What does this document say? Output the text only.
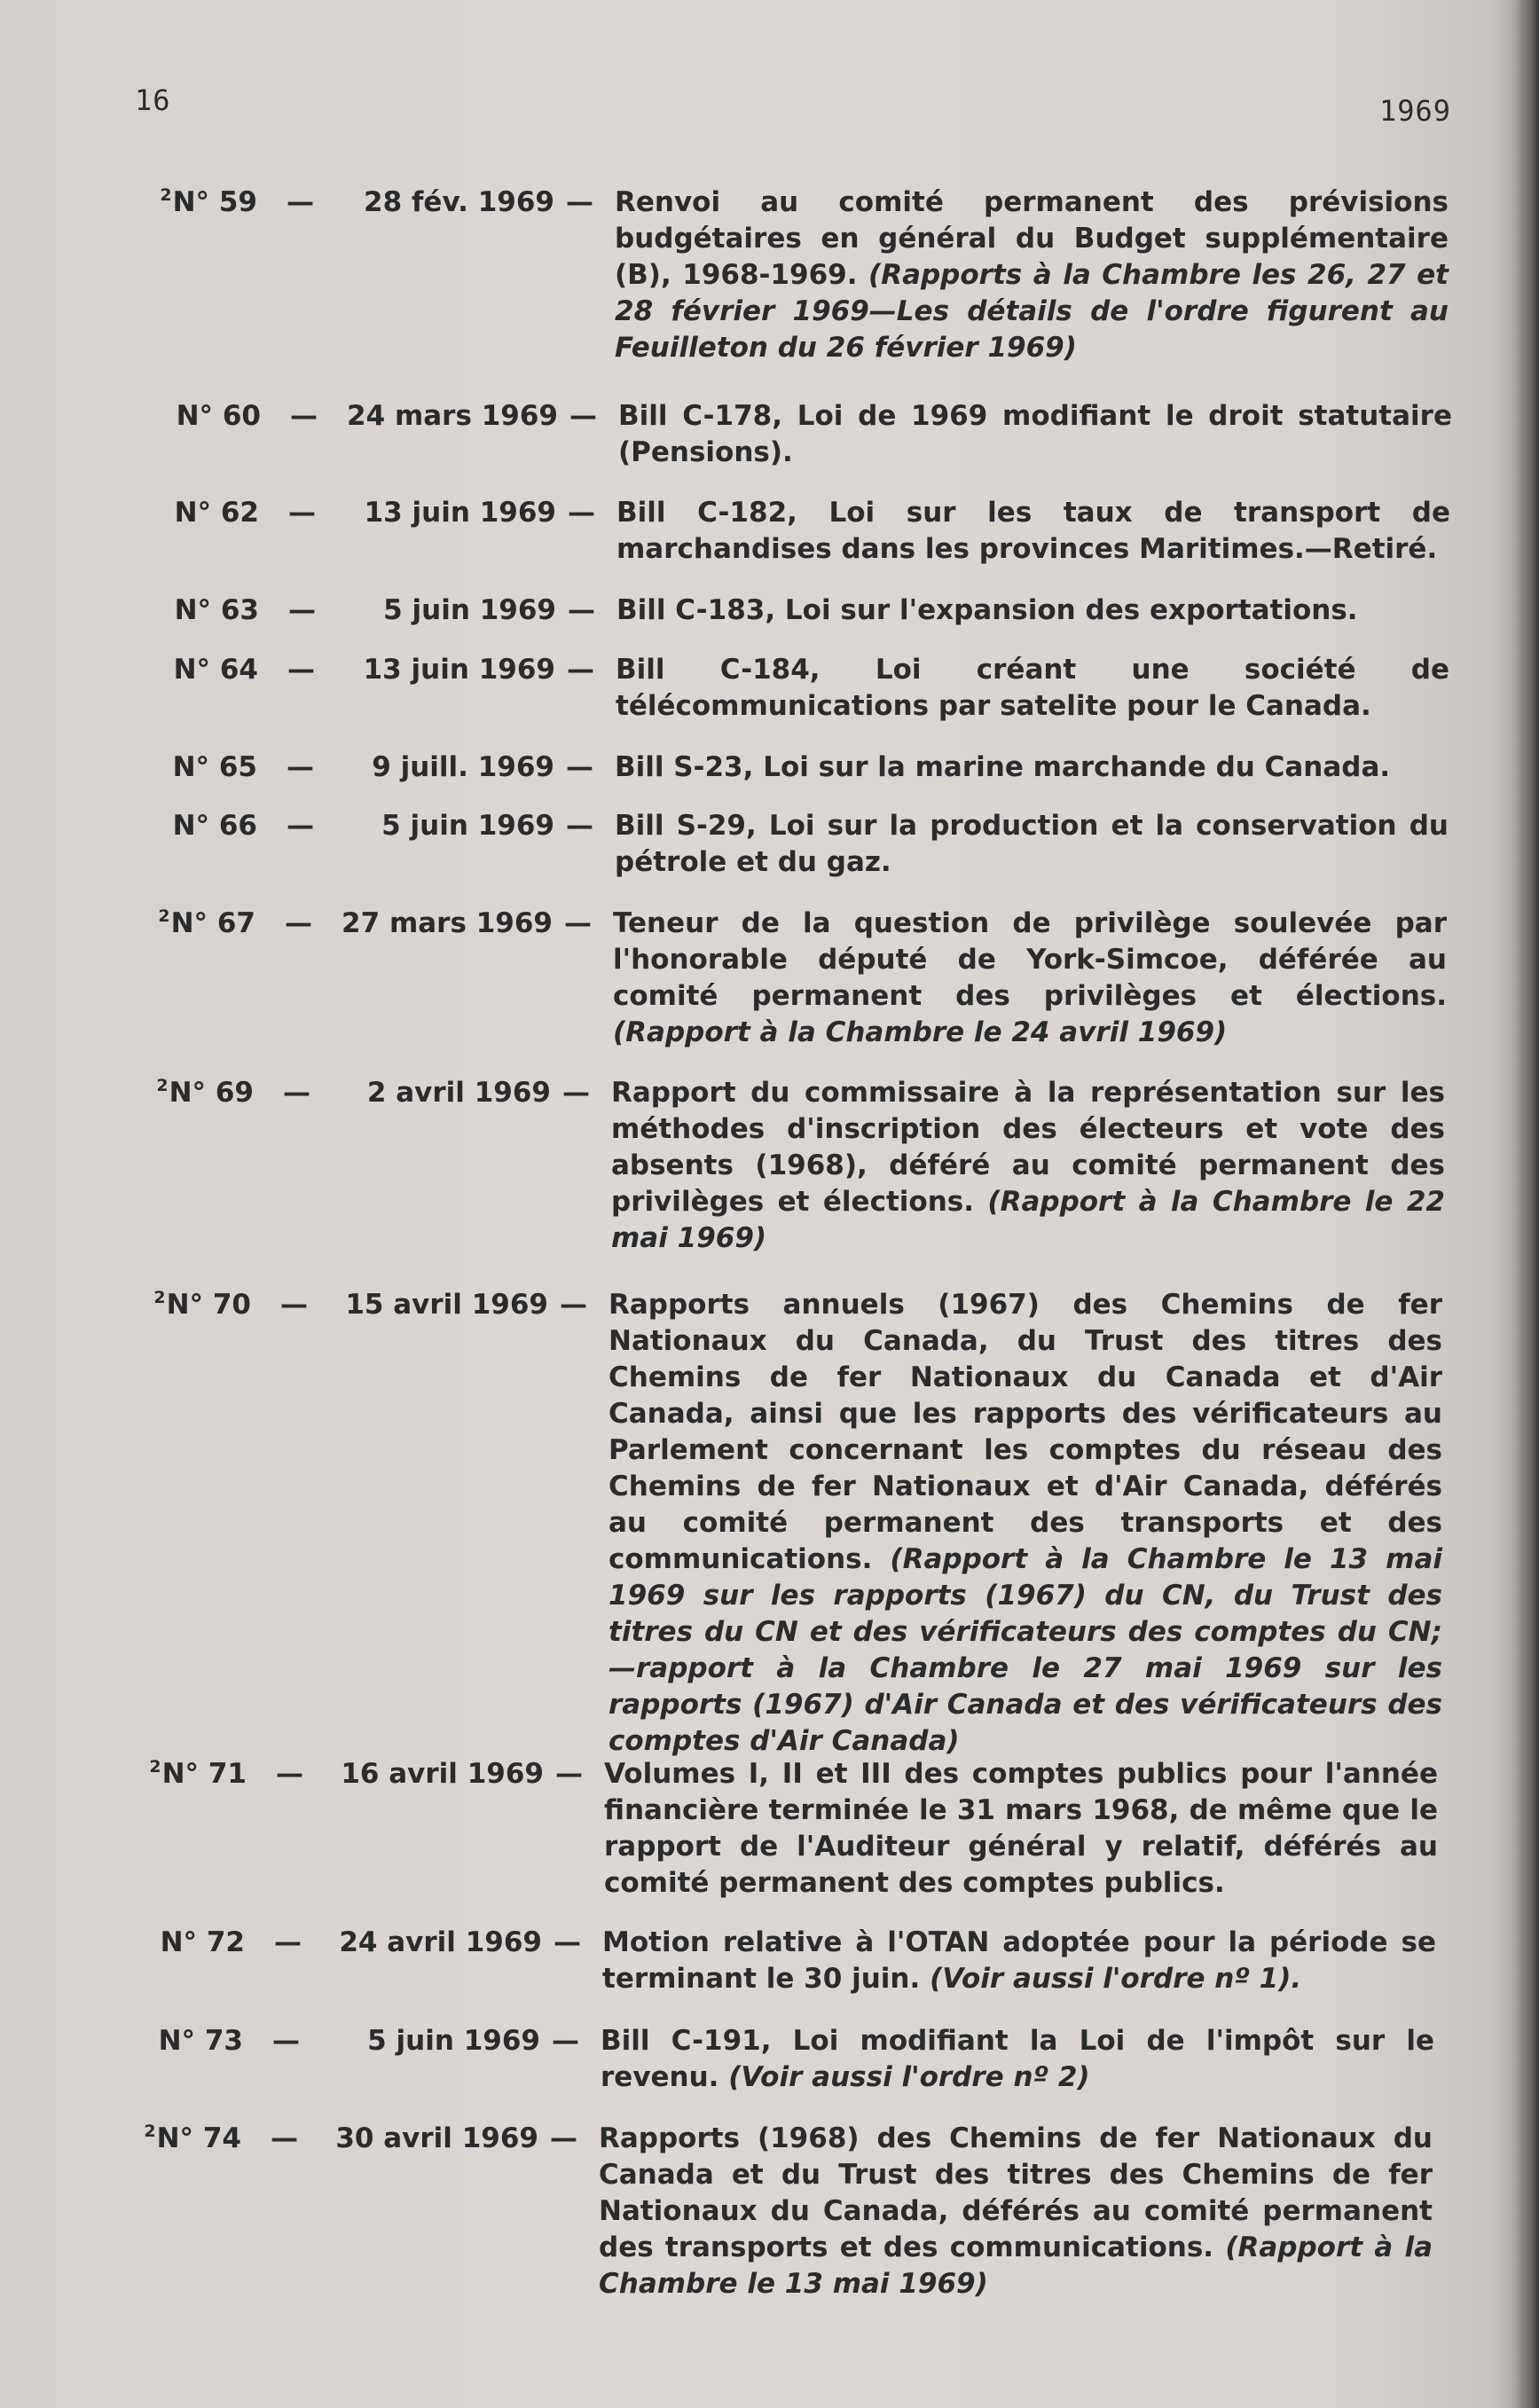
16	1969
$^2$N° 59 —	28 fév. 1969 — Renvoi au comité permanent des prévisions budgétaires en général du Budget supplémentaire (B), 1968-1969. (Rapports à la Chambre les 26, 27 et 28 février 1969—Les détails de l'ordre figurent au Feuilleton du 26 février 1969)
N° 60 —	24 mars 1969 — Bill C-178, Loi de 1969 modifiant le droit statutaire (Pensions).
N° 62 —	13 juin 1969 — Bill C-182, Loi sur les taux de transport de marchandises dans les provinces Maritimes.—Retiré.
N° 63 —	5 juin 1969 — Bill C-183, Loi sur l'expansion des exportations.
N° 64 —	13 juin 1969 — Bill C-184, Loi créant une société de télécommunications par satelite pour le Canada.
N° 65 —	9 juill. 1969 — Bill S-23, Loi sur la marine marchande du Canada.
N° 66 —	5 juin 1969 — Bill S-29, Loi sur la production et la conservation du pétrole et du gaz.
$^2$N° 67 —	27 mars 1969 — Teneur de la question de privilège soulevée par l'honorable député de York-Simcoe, déférée au comité permanent des privilèges et élections. (Rapport à la Chambre le 24 avril 1969)
$^2$N° 69 —	2 avril 1969 — Rapport du commissaire à la représentation sur les méthodes d'inscription des électeurs et vote des absents (1968), déféré au comité permanent des privilèges et élections. (Rapport à la Chambre le 22 mai 1969)
$^2$N° 70 —	15 avril 1969 — Rapports annuels (1967) des Chemins de fer Nationaux du Canada, du Trust des titres des Chemins de fer Nationaux du Canada et d'Air Canada, ainsi que les rapports des vérificateurs au Parlement concernant les comptes du réseau des Chemins de fer Nationaux et d'Air Canada, déférés au comité permanent des transports et des communications. (Rapport à la Chambre le 13 mai 1969 sur les rapports (1967) du CN, du Trust des titres du CN et des vérificateurs des comptes du CN;—rapport à la Chambre le 27 mai 1969 sur les rapports (1967) d'Air Canada et des vérificateurs des comptes d'Air Canada)
$^2$N° 71 —	16 avril 1969 — Volumes I, II et III des comptes publics pour l'année financière terminée le 31 mars 1968, de même que le rapport de l'Auditeur général y relatif, déférés au comité permanent des comptes publics.
N° 72 —	24 avril 1969 — Motion relative à l'OTAN adoptée pour la période se terminant le 30 juin. (Voir aussi l'ordre nº 1).
N° 73 —	5 juin 1969 — Bill C-191, Loi modifiant la Loi de l'impôt sur le revenu. (Voir aussi l'ordre nº 2)
$^2$N° 74 —	30 avril 1969 — Rapports (1968) des Chemins de fer Nationaux du Canada et du Trust des titres des Chemins de fer Nationaux du Canada, déférés au comité permanent des transports et des communications. (Rapport à la Chambre le 13 mai 1969)
